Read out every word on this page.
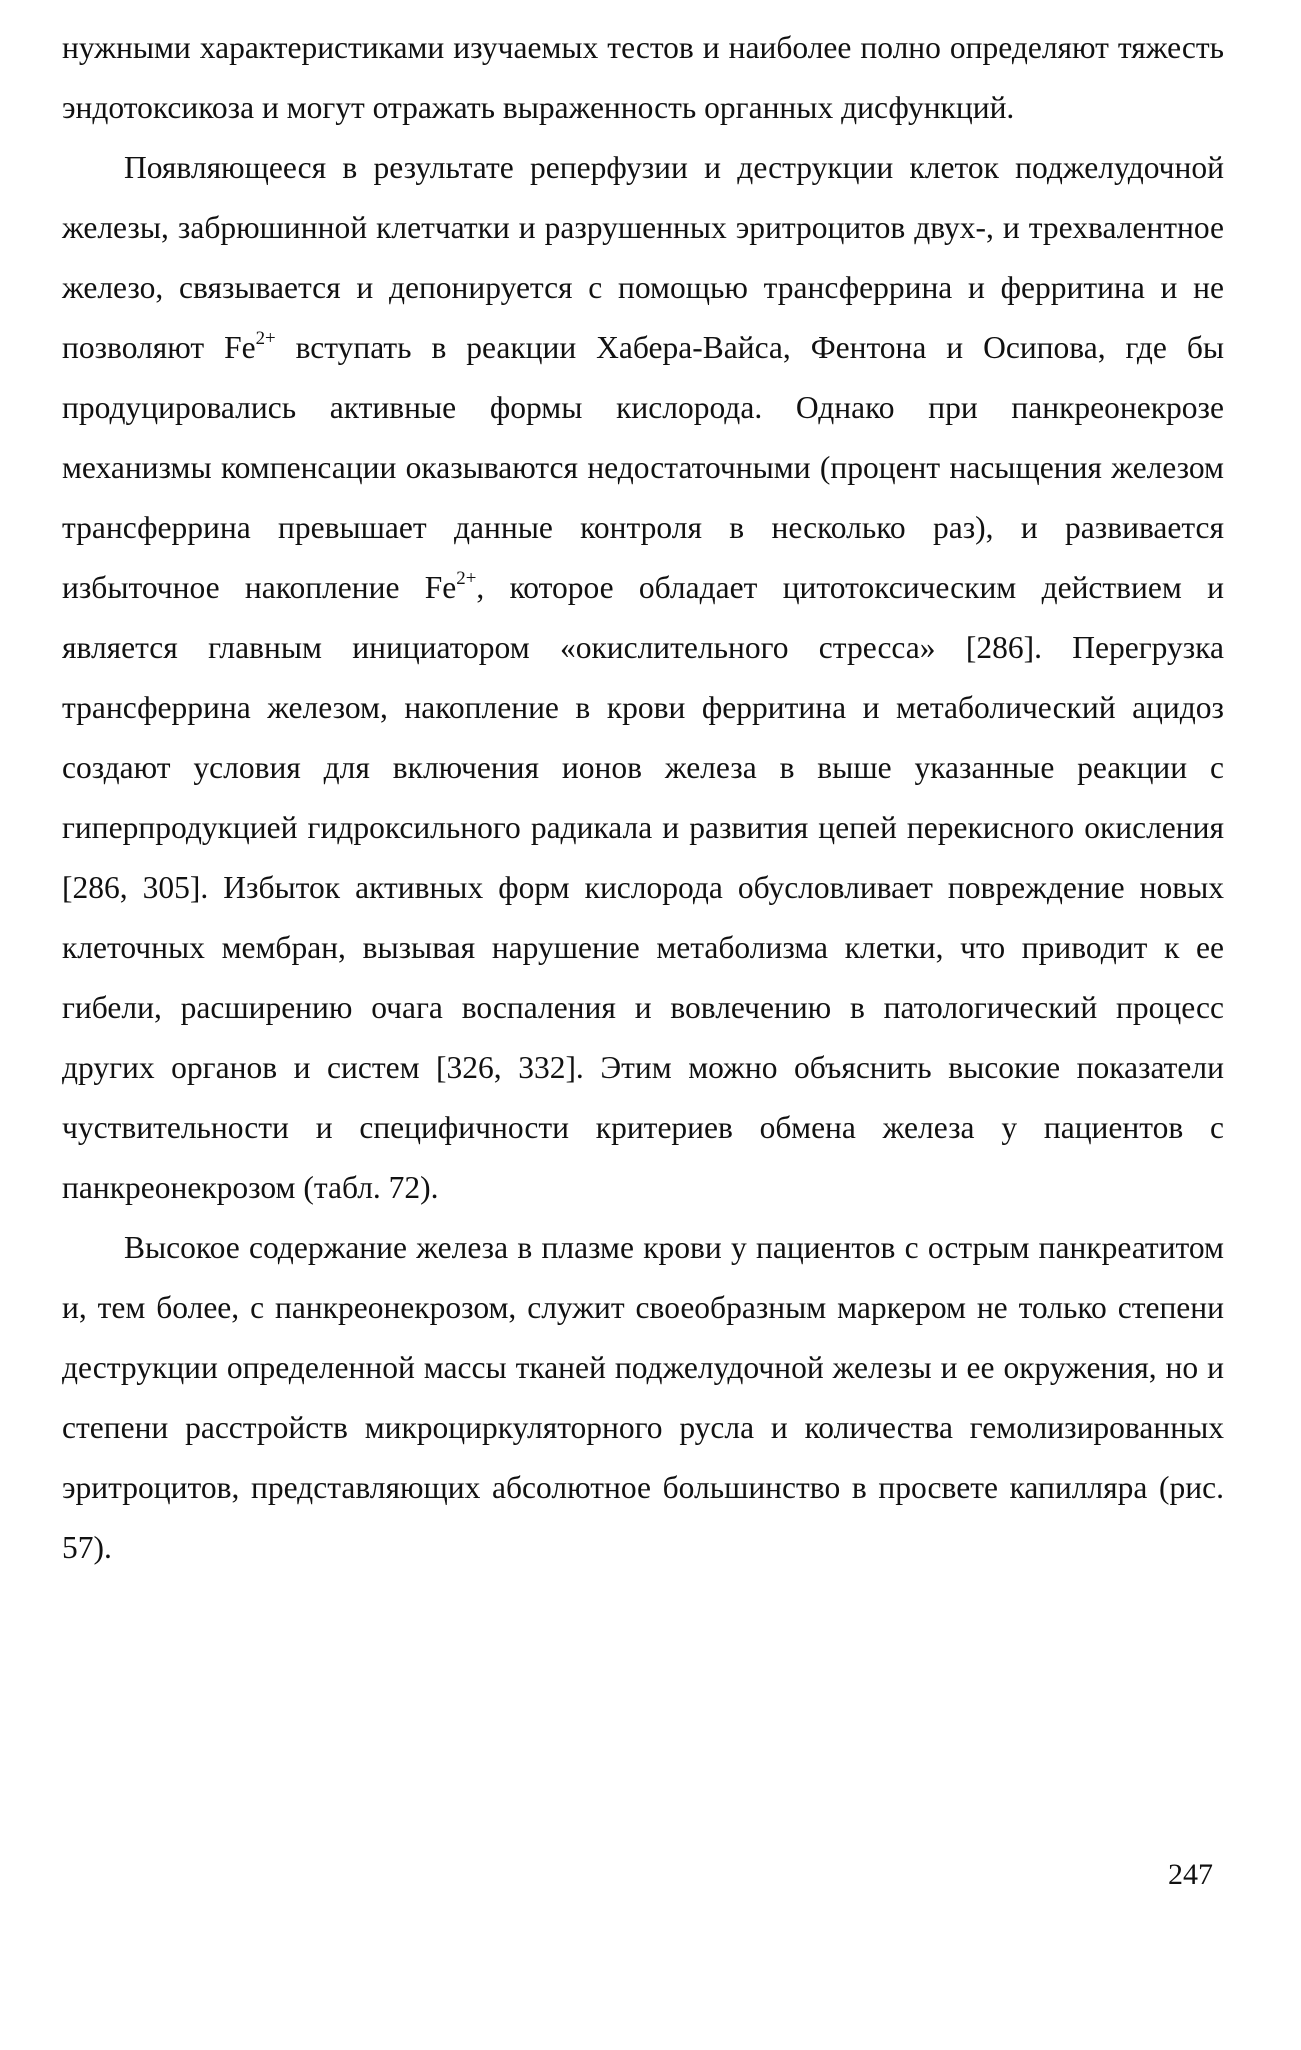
нужными характеристиками изучаемых тестов и наиболее полно определяют тяжесть эндотоксикоза и могут отражать выраженность органных дисфункций.

Появляющееся в результате реперфузии и деструкции клеток поджелудочной железы, забрюшинной клетчатки и разрушенных эритроцитов двух-, и трехвалентное железо, связывается и депонируется с помощью трансферрина и ферритина и не позволяют $Fe^{2+}$ вступать в реакции Хабера-Вайса, Фентона и Осипова, где бы продуцировались активные формы кислорода. Однако при панкреонекрозе механизмы компенсации оказываются недостаточными (процент насыщения железом трансферрина превышает данные контроля в несколько раз), и развивается избыточное накопление $Fe^{2+}$, которое обладает цитотоксическим действием и является главным инициатором «окислительного стресса» [286]. Перегрузка трансферрина железом, накопление в крови ферритина и метаболический ацидоз создают условия для включения ионов железа в выше указанные реакции с гиперпродукцией гидроксильного радикала и развития цепей перекисного окисления [286, 305]. Избыток активных форм кислорода обусловливает повреждение новых клеточных мембран, вызывая нарушение метаболизма клетки, что приводит к ее гибели, расширению очага воспаления и вовлечению в патологический процесс других органов и систем [326, 332]. Этим можно объяснить высокие показатели чуствительности и специфичности критериев обмена железа у пациентов с панкреонекрозом (табл. 72).

Высокое содержание железа в плазме крови у пациентов с острым панкреатитом и, тем более, с панкреонекрозом, служит своеобразным маркером не только степени деструкции определенной массы тканей поджелудочной железы и ее окружения, но и степени расстройств микроциркуляторного русла и количества гемолизированных эритроцитов, представляющих абсолютное большинство в просвете капилляра (рис. 57).

247
